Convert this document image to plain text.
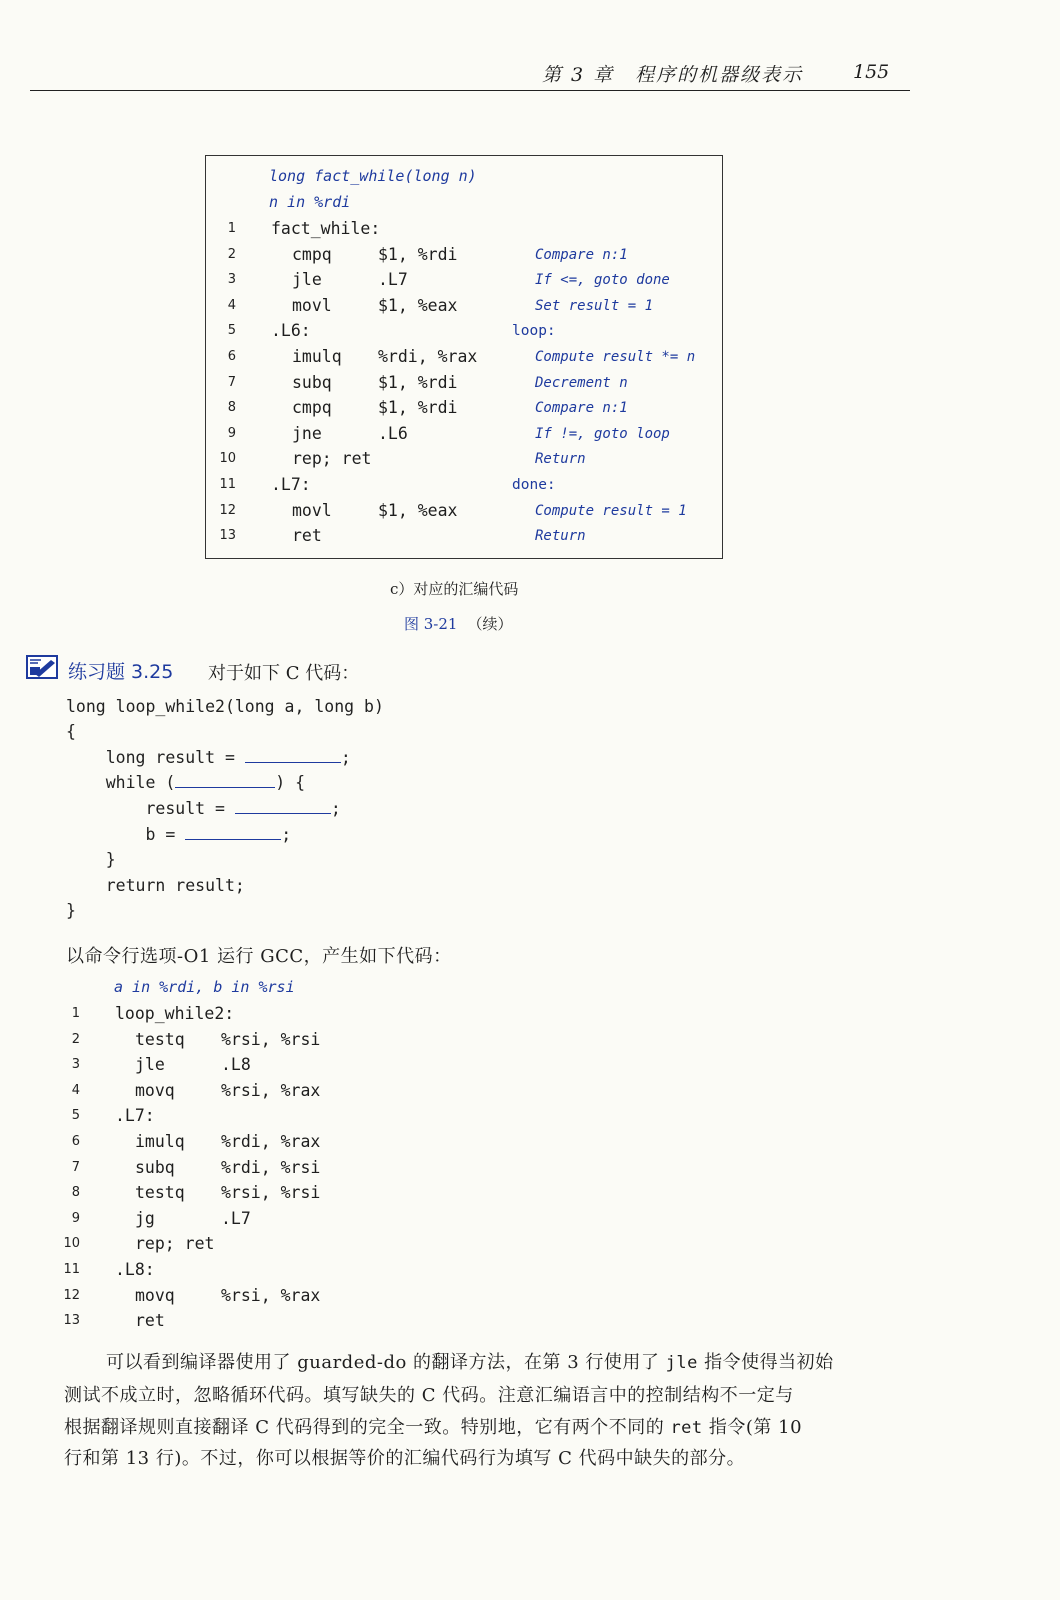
第 3 章　程序的机器级表示	155
long fact_while(long n)
n in %rdi
1 fact_while:
2	cmpq	$1, %rdi	Compare n:1
3	jle	.L7	If <=, goto done
4	movl	$1, %eax	Set result = 1
5 .L6:	loop:
6	imulq %rdi, %rax	Compute result *= n
7	subq	$1, %rdi	Decrement n
8	cmpq	$1, %rdi	Compare n:1
9	jne	.L6	If !=, goto loop
10	rep; ret	Return
11 .L7:	done:
12	movl	$1, %eax	Compute result = 1
13	ret	Return
c）对应的汇编代码
图 3-21 （续）
练习题 3.25 对于如下 C 代码：
long loop_while2(long a, long b)
{
long result =	;
while (	) {
result =	;
b =	;
}
return result;
}
以命令行选项-O1 运行 GCC，产生如下代码：
a in %rdi, b in %rsi
1 loop_while2:
2	testq %rsi, %rsi
3	jle	.L8
4	movq	%rsi, %rax
5 .L7:
6	imulq %rdi, %rax
7	subq	%rdi, %rsi
8	testq %rsi, %rsi
9	jg	.L7
10	rep; ret
11 .L8:
12	movq	%rsi, %rax
13	ret
可以看到编译器使用了 guarded-do 的翻译方法，在第 3 行使用了 jle 指令使得当初始
测试不成立时，忽略循环代码。填写缺失的 C 代码。注意汇编语言中的控制结构不一定与
根据翻译规则直接翻译 C 代码得到的完全一致。特别地，它有两个不同的 ret 指令(第 10
行和第 13 行)。不过，你可以根据等价的汇编代码行为填写 C 代码中缺失的部分。
